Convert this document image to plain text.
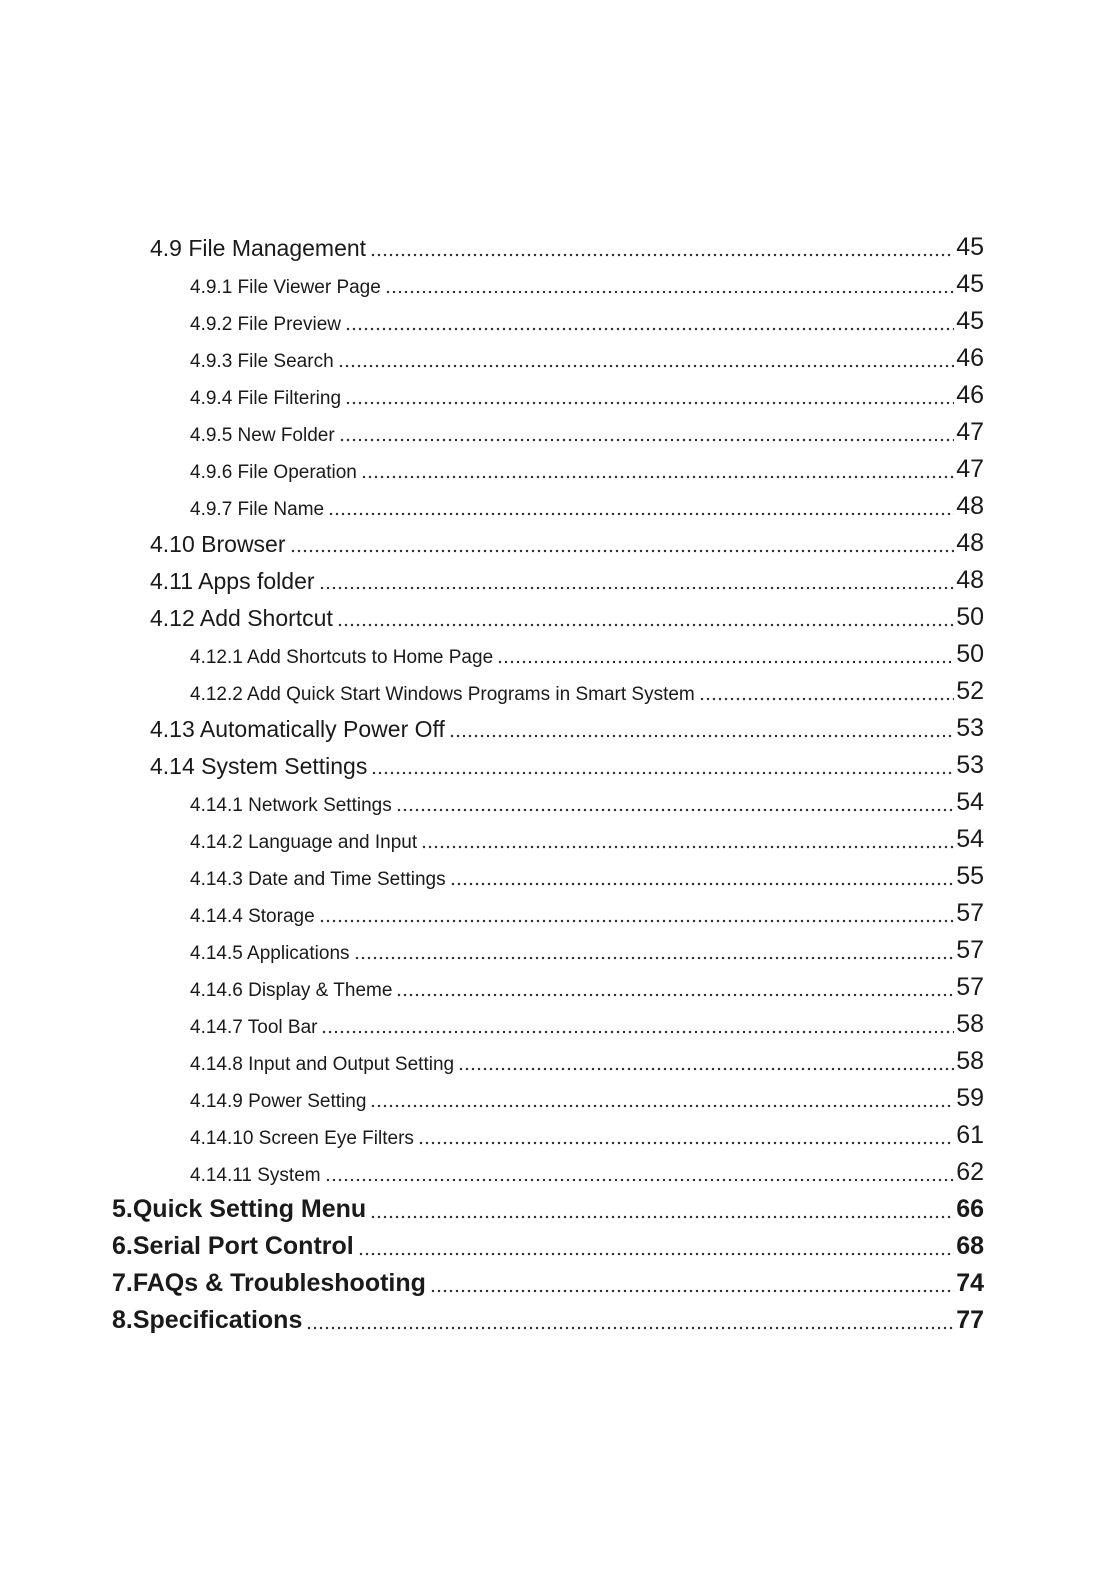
4.9 File Management	45
4.9.1 File Viewer Page	45
4.9.2 File Preview	45
4.9.3 File Search	46
4.9.4 File Filtering	46
4.9.5 New Folder	47
4.9.6 File Operation	47
4.9.7 File Name	48
4.10 Browser	48
4.11 Apps folder	48
4.12 Add Shortcut	50
4.12.1 Add Shortcuts to Home Page	50
4.12.2 Add Quick Start Windows Programs in Smart System	52
4.13 Automatically Power Off	53
4.14 System Settings	53
4.14.1 Network Settings	54
4.14.2 Language and Input	54
4.14.3 Date and Time Settings	55
4.14.4 Storage	57
4.14.5 Applications	57
4.14.6 Display & Theme	57
4.14.7 Tool Bar	58
4.14.8 Input and Output Setting	58
4.14.9 Power Setting	59
4.14.10 Screen Eye Filters	61
4.14.11 System	62
5.Quick Setting Menu	66
6.Serial Port Control	68
7.FAQs & Troubleshooting	74
8.Specifications	77
